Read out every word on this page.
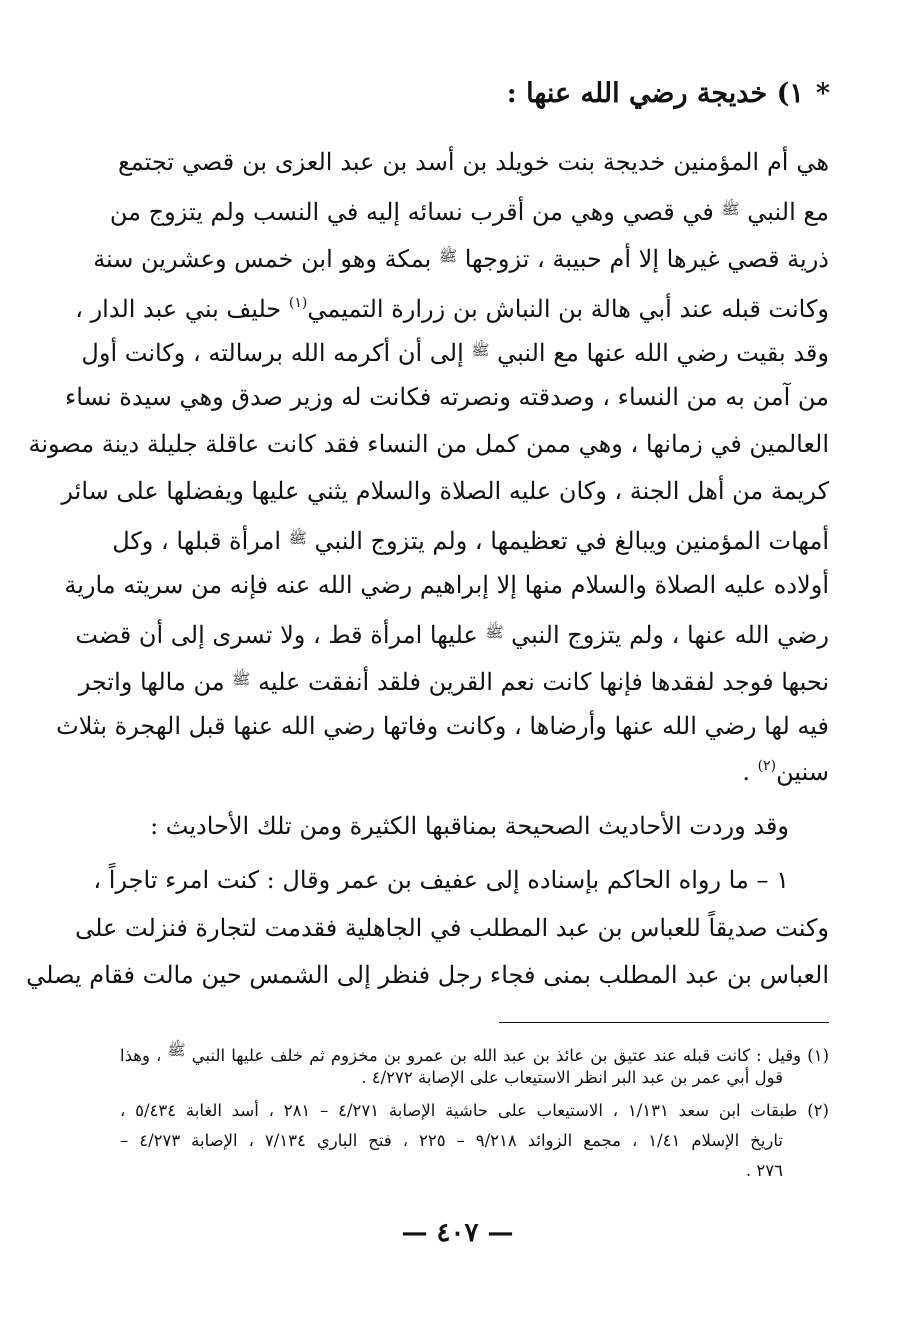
*١) خديجة رضي الله عنها :
هي أم المؤمنين خديجة بنت خويلد بن أسد بن عبد العزى بن قصي تجتمع
مع النبي $^ﷺ$ في قصي وهي من أقرب نسائه إليه في النسب ولم يتزوج من
ذرية قصي غيرها إلا أم حبيبة ، تزوجها $^ﷺ$ بمكة وهو ابن خمس وعشرين سنة
وكانت قبله عند أبي هالة بن النباش بن زرارة التميمي$^{(١)}$ حليف بني عبد الدار ،
وقد بقيت رضي الله عنها مع النبي $^ﷺ$ إلى أن أكرمه الله برسالته ، وكانت أول
من آمن به من النساء ، وصدقته ونصرته فكانت له وزير صدق وهي سيدة نساء
العالمين في زمانها ، وهي ممن كمل من النساء فقد كانت عاقلة جليلة دينة مصونة
كريمة من أهل الجنة ، وكان عليه الصلاة والسلام يثني عليها ويفضلها على سائر
أمهات المؤمنين ويبالغ في تعظيمها ، ولم يتزوج النبي $^ﷺ$ امرأة قبلها ، وكل
أولاده عليه الصلاة والسلام منها إلا إبراهيم رضي الله عنه فإنه من سريته مارية
رضي الله عنها ، ولم يتزوج النبي $^ﷺ$ عليها امرأة قط ، ولا تسرى إلى أن قضت
نحبها فوجد لفقدها فإنها كانت نعم القرين فلقد أنفقت عليه $^ﷺ$ من مالها واتجر
فيه لها رضي الله عنها وأرضاها ، وكانت وفاتها رضي الله عنها قبل الهجرة بثلاث
سنين$^{(٢)}$ .
وقد وردت الأحاديث الصحيحة بمناقبها الكثيرة ومن تلك الأحاديث :
١ – ما رواه الحاكم بإسناده إلى عفيف بن عمر وقال : كنت امرء تاجراً ،
وكنت صديقاً للعباس بن عبد المطلب في الجاهلية فقدمت لتجارة فنزلت على
العباس بن عبد المطلب بمنى فجاء رجل فنظر إلى الشمس حين مالت فقام يصلي
(١) وقيل : كانت قبله عند عتيق بن عائذ بن عبد الله بن عمرو بن مخزوم ثم خلف عليها النبي ﷺ ، وهذا
قول أبي عمر بن عبد البر انظر الاستيعاب على الإصابة ٤/٢٧٢ .
(٢) طبقات ابن سعد ١/١٣١ ، الاستيعاب على حاشية الإصابة ٤/٢٧١ – ٢٨١ ، أسد الغابة ٥/٤٣٤ ،
تاريخ الإسلام ١/٤١ ، مجمع الزوائد ٩/٢١٨ – ٢٢٥ ، فتح الباري ٧/١٣٤ ، الإصابة ٤/٢٧٣ –
٢٧٦ .
— ٤٠٧ —
